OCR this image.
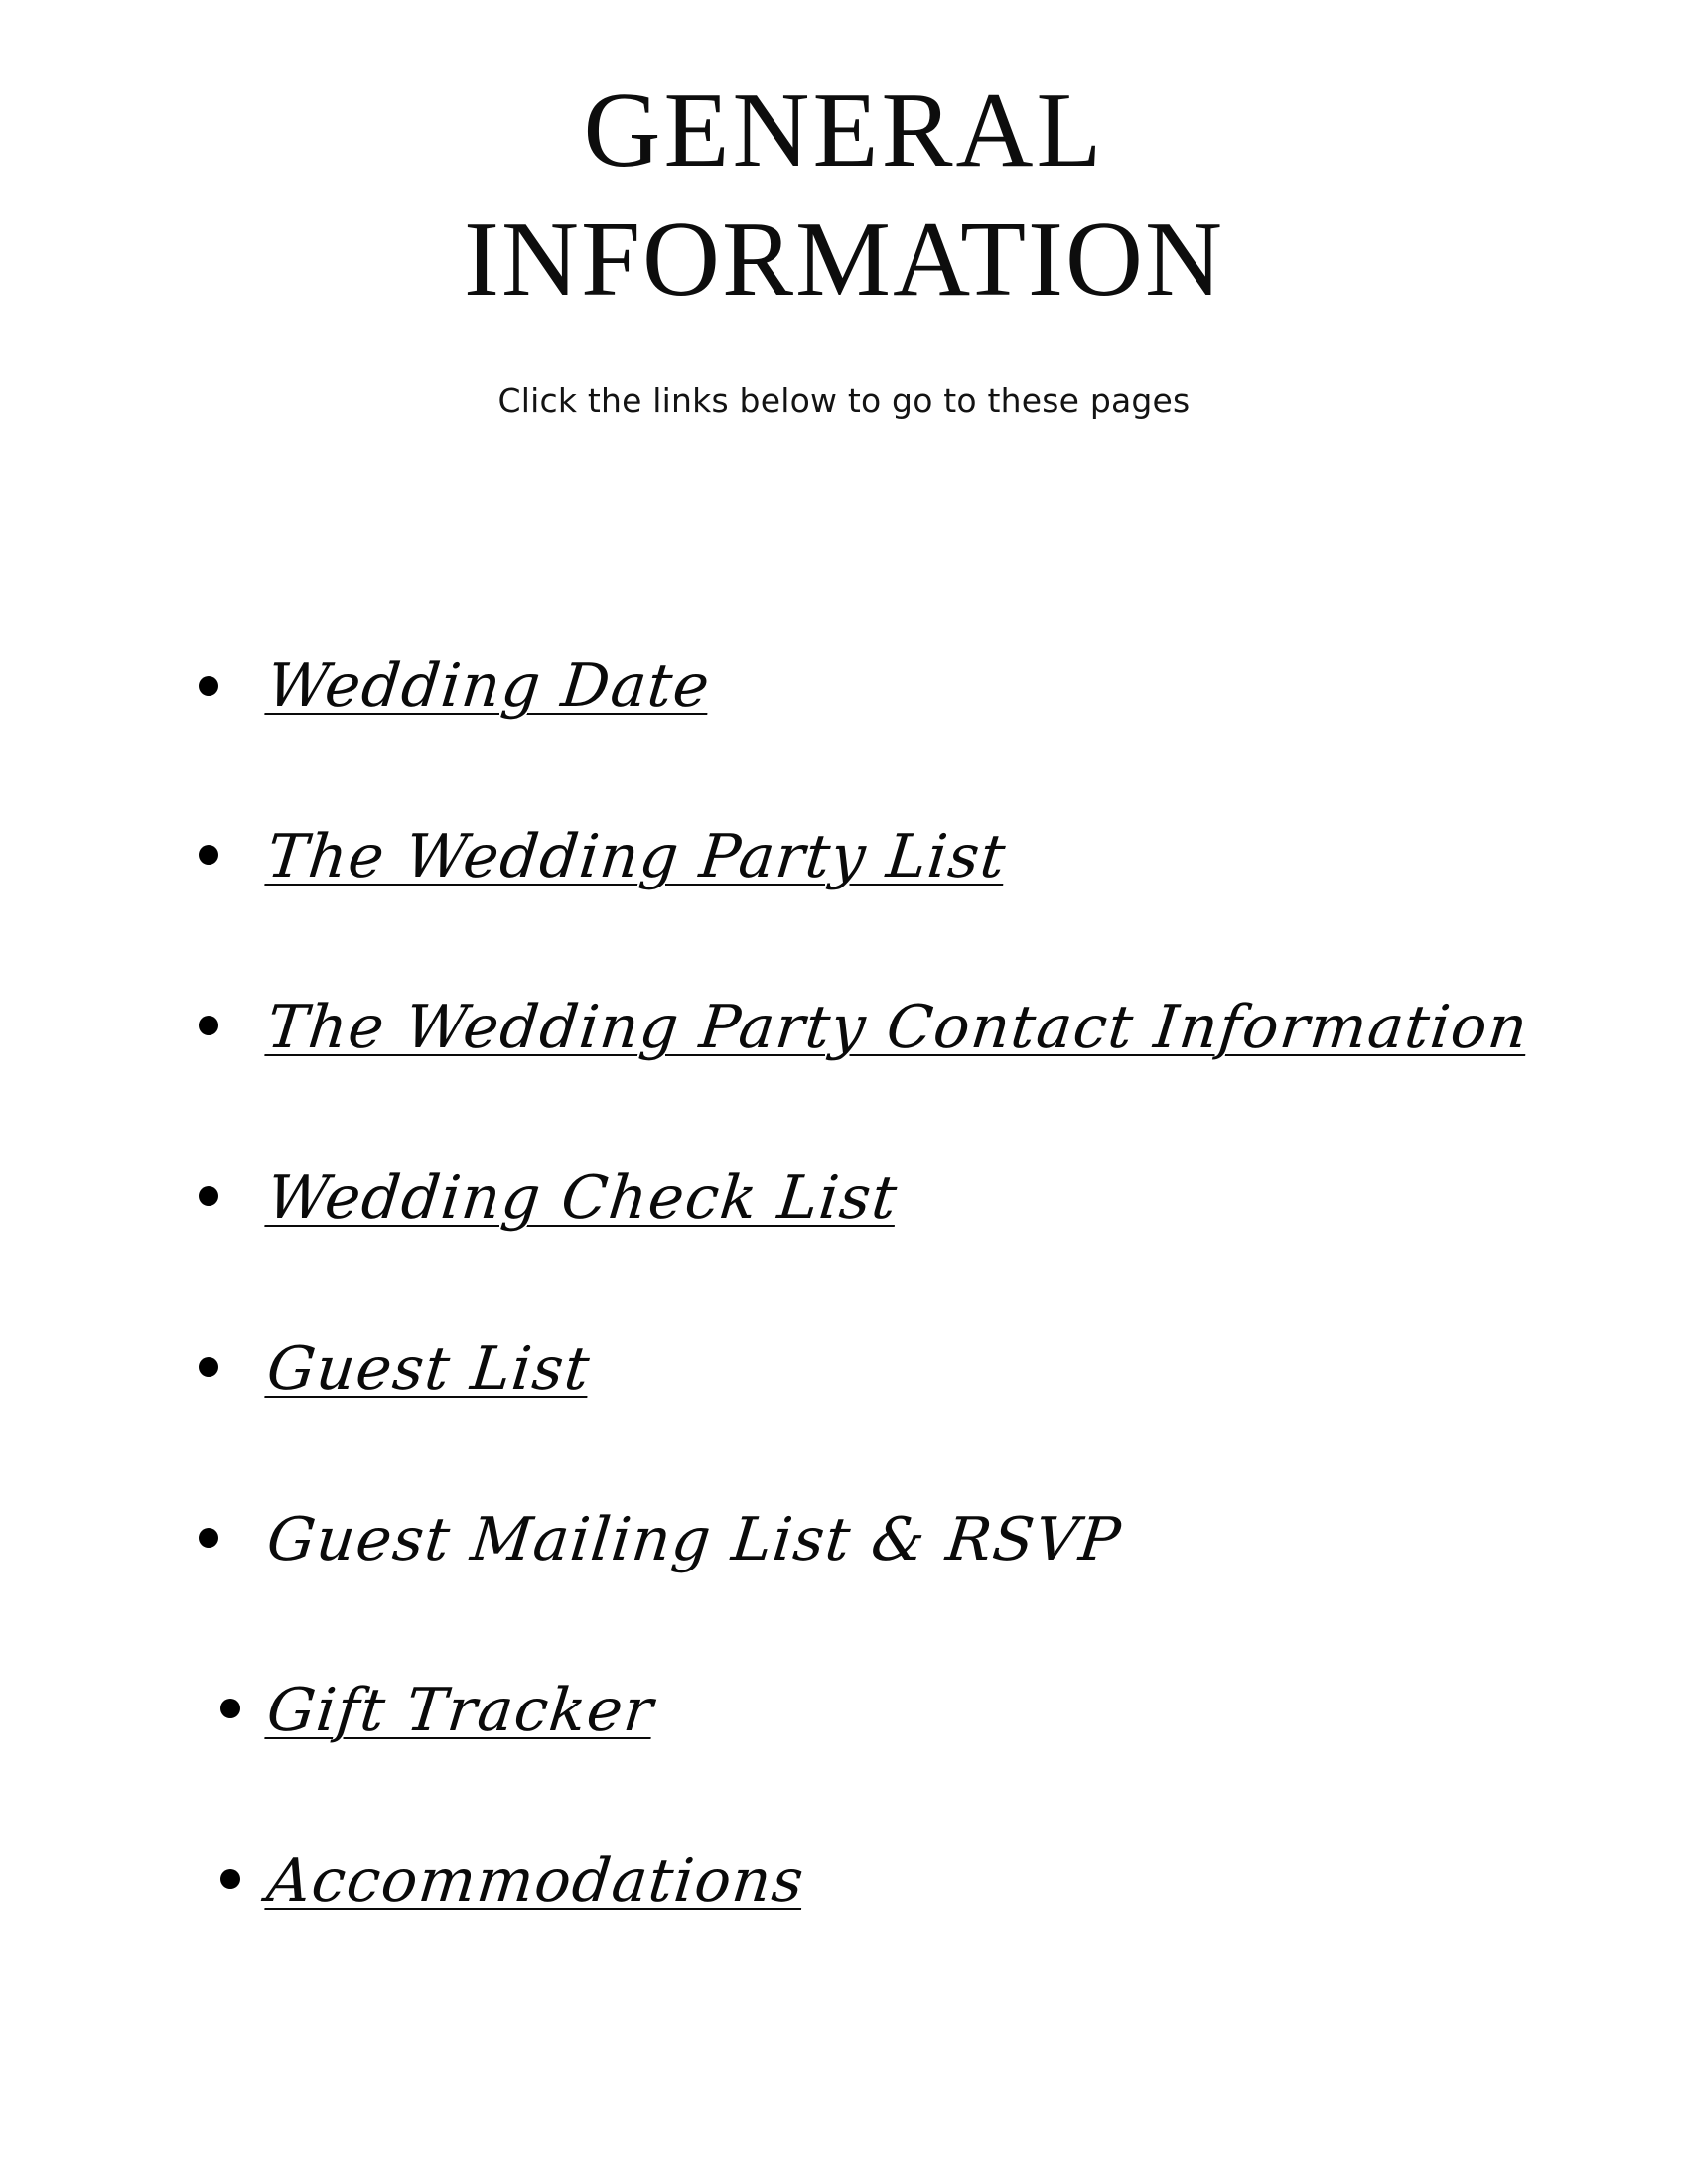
GENERAL
INFORMATION
Click the links below to go to these pages
Wedding Date
The Wedding Party List
The Wedding Party Contact Information
Wedding Check List
Guest List
Guest Mailing List & RSVP
Gift Tracker
Accommodations
